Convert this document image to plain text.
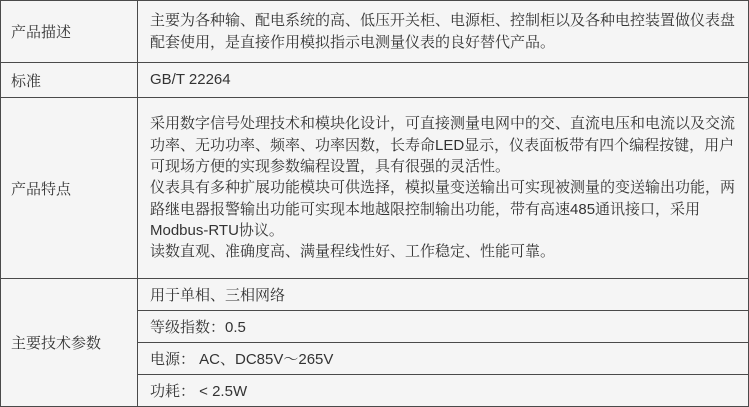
产品描述
主要为各种输、配电系统的高、低压开关柜、电源柜、控制柜以及各种电控装置做仪表盘配套使用，是直接作用模拟指示电测量仪表的良好替代产品。
标准	GB/T 22264
产品特点

采用数字信号处理技术和模块化设计，可直接测量电网中的交、直流电压和电流以及交流功率、无功功率、频率、功率因数，长寿命LED显示，仪表面板带有四个编程按键，用户可现场方便的实现参数编程设置，具有很强的灵活性。

仪表具有多种扩展功能模块可供选择，模拟量变送输出可实现被测量的变送输出功能，两路继电器报警输出功能可实现本地越限控制输出功能，带有高速485通讯接口，采用Modbus-RTU协议。

读数直观、准确度高、满量程线性好、工作稳定、性能可靠。

主要技术参数
用于单相、三相网络
等级指数：0.5
电源： AC、DC85V～265V
功耗： < 2.5W
